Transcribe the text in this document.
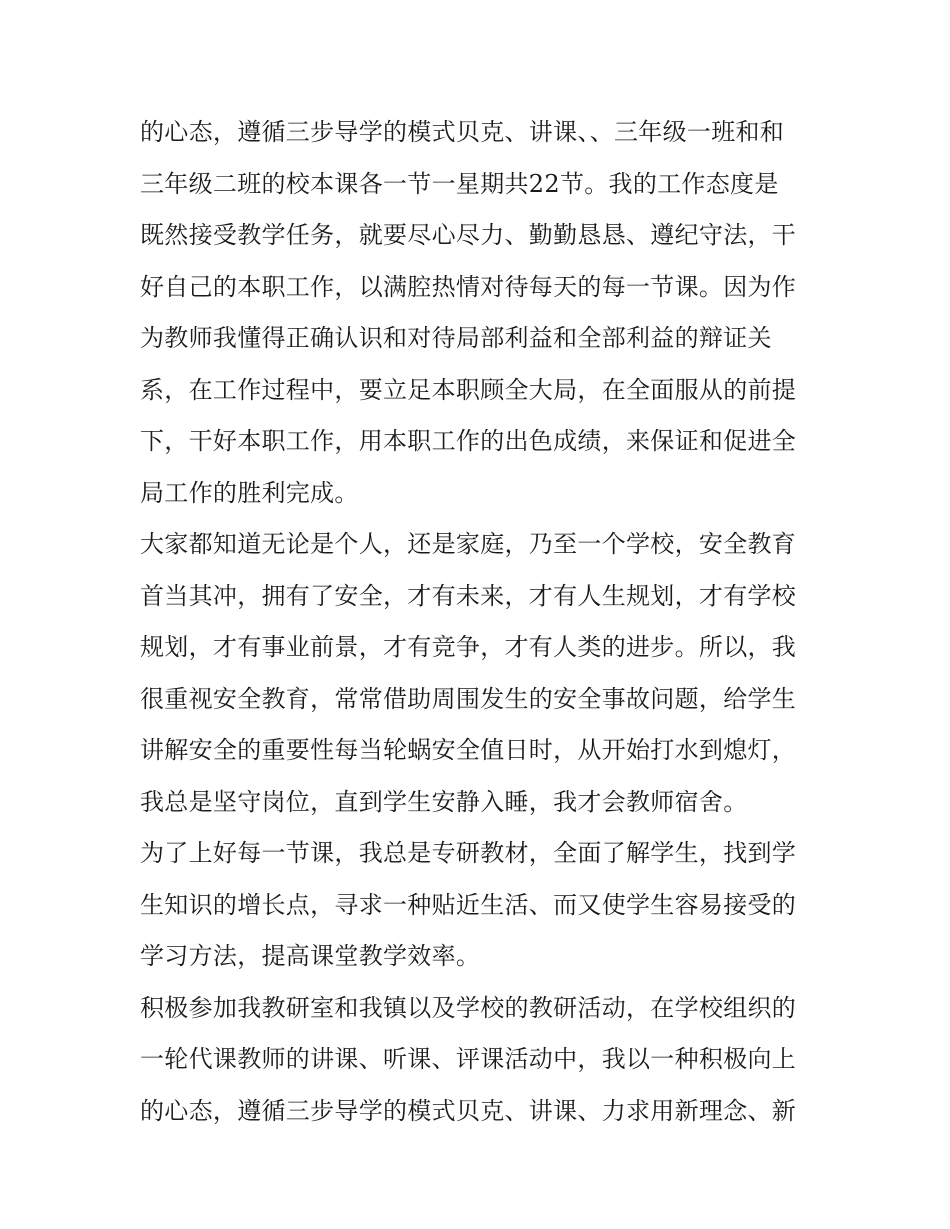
的心态，遵循三步导学的模式贝克、讲课、、三年级一班和和
三年级二班的校本课各一节一星期共22节。我的工作态度是
既然接受教学任务，就要尽心尽力、勤勤恳恳、遵纪守法，干
好自己的本职工作，以满腔热情对待每天的每一节课。因为作
为教师我懂得正确认识和对待局部利益和全部利益的辩证关
系，在工作过程中，要立足本职顾全大局，在全面服从的前提
下，干好本职工作，用本职工作的出色成绩，来保证和促进全
局工作的胜利完成。
大家都知道无论是个人，还是家庭，乃至一个学校，安全教育
首当其冲，拥有了安全，才有未来，才有人生规划，才有学校
规划，才有事业前景，才有竞争，才有人类的进步。所以，我
很重视安全教育，常常借助周围发生的安全事故问题，给学生
讲解安全的重要性每当轮蜗安全值日时，从开始打水到熄灯，
我总是坚守岗位，直到学生安静入睡，我才会教师宿舍。
为了上好每一节课，我总是专研教材，全面了解学生，找到学
生知识的增长点，寻求一种贴近生活、而又使学生容易接受的
学习方法，提高课堂教学效率。
积极参加我教研室和我镇以及学校的教研活动，在学校组织的
一轮代课教师的讲课、听课、评课活动中，我以一种积极向上
的心态，遵循三步导学的模式贝克、讲课、力求用新理念、新
